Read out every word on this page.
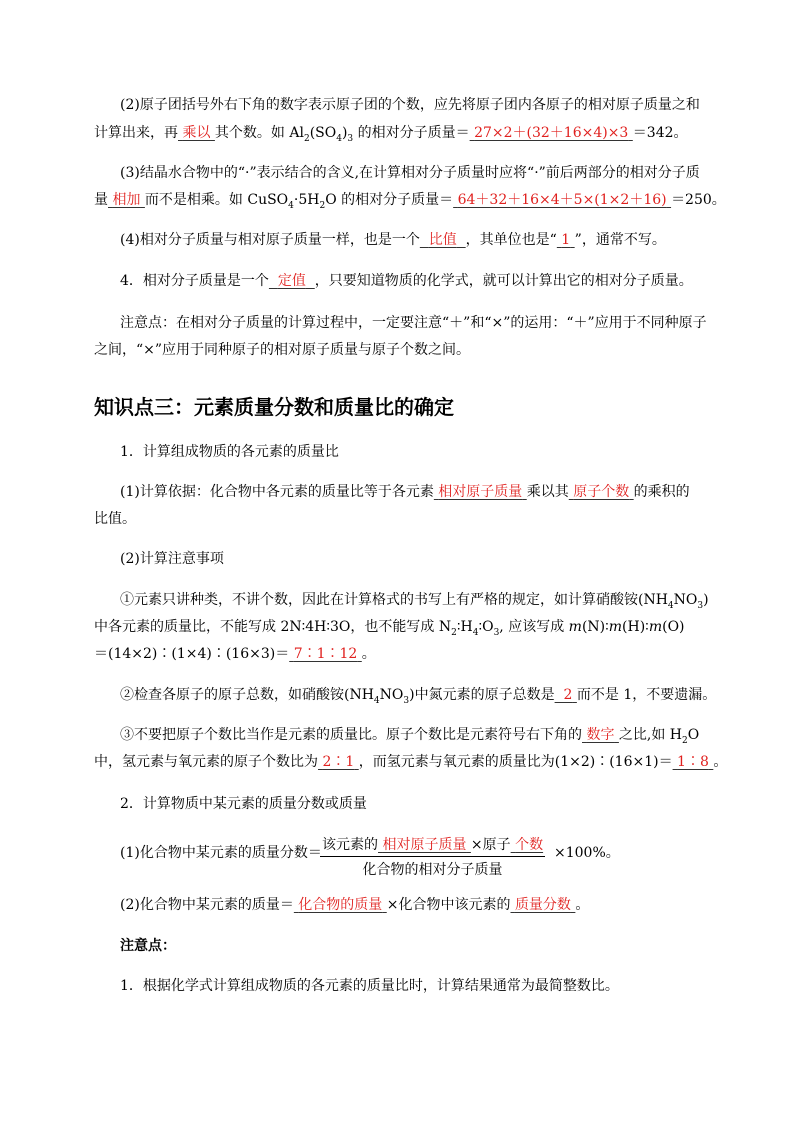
(2)原子团括号外右下角的数字表示原子团的个数，应先将原子团内各原子的相对原子质量之和
计算出来，再 乘以 其个数。如 $Al_2(SO_4)_3$ 的相对分子质量＝ 27×2＋(32＋16×4)×3 ＝342。
(3)结晶水合物中的“·”表示结合的含义,在计算相对分子质量时应将“·”前后两部分的相对分子质
量 相加 而不是相乘。如 $CuSO_4\cdot 5H_2O$ 的相对分子质量＝ 64＋32＋16×4＋5×(1×2＋16) ＝250。
(4)相对分子质量与相对原子质量一样，也是一个 比值 ，其单位也是“ 1 ”，通常不写。
4．相对分子质量是一个 定值 ，只要知道物质的化学式，就可以计算出它的相对分子质量。
注意点：在相对分子质量的计算过程中，一定要注意“＋”和“×”的运用：“＋”应用于不同种原子
之间，“×”应用于同种原子的相对原子质量与原子个数之间。
知识点三：元素质量分数和质量比的确定
1．计算组成物质的各元素的质量比
(1)计算依据：化合物中各元素的质量比等于各元素 相对原子质量 乘以其 原子个数 的乘积的
比值。
(2)计算注意事项
①元素只讲种类，不讲个数，因此在计算格式的书写上有严格的规定，如计算硝酸铵$(NH_4NO_3)$
中各元素的质量比，不能写成 2N∶4H∶3O，也不能写成 $N_2∶H_4∶O_3$, 应该写成 m(N)∶m(H)∶m(O)
＝(14×2)∶(1×4)∶(16×3)＝ 7∶1∶12 。
②检查各原子的原子总数，如硝酸铵$(NH_4NO_3)$中氮元素的原子总数是 2 而不是 1，不要遗漏。
③不要把原子个数比当作是元素的质量比。原子个数比是元素符号右下角的 数字 之比,如 $H_2O$
中，氢元素与氧元素的原子个数比为 2∶1 ，而氢元素与氧元素的质量比为(1×2)∶(16×1)＝ 1∶8 。
2．计算物质中某元素的质量分数或质量
(1)化合物中某元素的质量分数＝ 该元素的 相对原子质量 ×原子 个数
化合物的相对分子质量
×100%。
(2)化合物中某元素的质量＝ 化合物的质量 ×化合物中该元素的 质量分数 。
注意点：
1．根据化学式计算组成物质的各元素的质量比时，计算结果通常为最简整数比。
